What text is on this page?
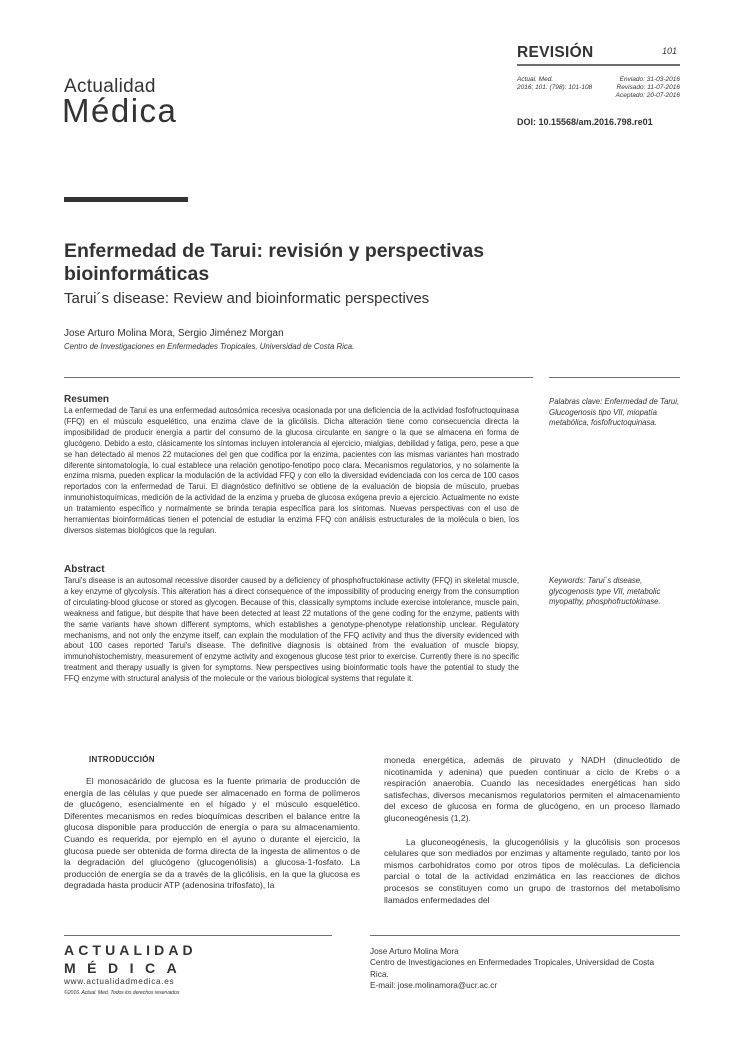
Actualidad
Médica
REVISIÓN	101
Actual. Med.
2016; 101: (798): 101-108
Enviado: 31-03-2016
Revisado: 11-07-2016
Aceptado: 20-07-2016
DOI: 10.15568/am.2016.798.re01
Enfermedad de Tarui: revisión y perspectivas bioinformáticas
Tarui´s disease: Review and bioinformatic perspectives
Jose Arturo Molina Mora, Sergio Jiménez Morgan
Centro de Investigaciones en Enfermedades Tropicales, Universidad de Costa Rica.
Resumen
La enfermedad de Tarui es una enfermedad autosómica recesiva ocasionada por una deficiencia de la actividad fosfofructoquinasa (FFQ) en el músculo esquelético, una enzima clave de la glicólisis. Dicha alteración tiene como consecuencia directa la imposibilidad de producir energía a partir del consumo de la glucosa circulante en sangre o la que se almacena en forma de glucógeno. Debido a esto, clásicamente los síntomas incluyen intolerancia al ejercicio, mialgias, debilidad y fatiga, pero, pese a que se han detectado al menos 22 mutaciones del gen que codifica por la enzima, pacientes con las mismas variantes han mostrado diferente sintomatología, lo cual establece una relación genotipo-fenotipo poco clara. Mecanismos regulatorios, y no solamente la enzima misma, pueden explicar la modulación de la actividad FFQ y con ello la diversidad evidenciada con los cerca de 100 casos reportados con la enfermedad de Tarui. El diagnóstico definitivo se obtiene de la evaluación de biopsia de músculo, pruebas inmunohistoquímicas, medición de la actividad de la enzima y prueba de glucosa exógena previo a ejercicio. Actualmente no existe un tratamiento específico y normalmente se brinda terapia específica para los síntomas. Nuevas perspectivas con el uso de herramientas bioinformáticas tienen el potencial de estudiar la enzima FFQ con análisis estructurales de la molécula o bien, los diversos sistemas biológicos que la regulan.
Palabras clave: Enfermedad de Tarui, Glucogenosis tipo VII, miopatía metabólica, fosfofructoquinasa.
Abstract
Tarui's disease is an autosomal recessive disorder caused by a deficiency of phosphofructokinase activity (FFQ) in skeletal muscle, a key enzyme of glycolysis. This alteration has a direct consequence of the impossibility of producing energy from the consumption of circulating-blood glucose or stored as glycogen. Because of this, classically symptoms include exercise intolerance, muscle pain, weakness and fatigue, but despite that have been detected at least 22 mutations of the gene coding for the enzyme, patients with the same variants have shown different symptoms, which establishes a genotype-phenotype relationship unclear. Regulatory mechanisms, and not only the enzyme itself, can explain the modulation of the FFQ activity and thus the diversity evidenced with about 100 cases reported Tarui's disease. The definitive diagnosis is obtained from the evaluation of muscle biopsy, immunohistochemistry, measurement of enzyme activity and exogenous glucose test prior to exercise. Currently there is no specific treatment and therapy usually is given for symptoms. New perspectives using bioinformatic tools have the potential to study the FFQ enzyme with structural analysis of the molecule or the various biological systems that regulate it.
Keywords: Tarui´s disease, glycogenosis type VII, metabolic myopathy, phosphofructokinase.
INTRODUCCIÓN

El monosacárido de glucosa es la fuente primaria de producción de energía de las células y que puede ser almacenado en forma de polímeros de glucógeno, esencialmente en el hígado y el músculo esquelético. Diferentes mecanismos en redes bioquímicas describen el balance entre la glucosa disponible para producción de energía o para su almacenamiento. Cuando es requerida, por ejemplo en el ayuno o durante el ejercicio, la glucosa puede ser obtenida de forma directa de la ingesta de alimentos o de la degradación del glucógeno (glucogenólisis) a glucosa-1-fosfato. La producción de energía se da a través de la glicólisis, en la que la glucosa es degradada hasta producir ATP (adenosina trifosfato), la

moneda energética, además de piruvato y NADH (dinucleótido de nicotinamida y adenina) que pueden continuar a ciclo de Krebs o a respiración anaerobia. Cuando las necesidades energéticas han sido satisfechas, diversos mecanismos regulatorios permiten el almacenamiento del exceso de glucosa en forma de glucógeno, en un proceso llamado gluconeogénesis (1,2).

La gluconeogénesis, la glucogenólisis y la glucólisis son procesos celulares que son mediados por enzimas y altamente regulado, tanto por los mismos carbohidratos como por otros tipos de moléculas. La deficiencia parcial o total de la actividad enzimática en las reacciones de dichos procesos se constituyen como un grupo de trastornos del metabolismo llamados enfermedades del

ACTUALIDAD
MÉDICA
www.actualidadmedica.es
©2016. Actual. Med. Todos los derechos reservados
Jose Arturo Molina Mora
Centro de Investigaciones en Enfermedades Tropicales, Universidad de Costa Rica.
E-mail: jose.molinamora@ucr.ac.cr
